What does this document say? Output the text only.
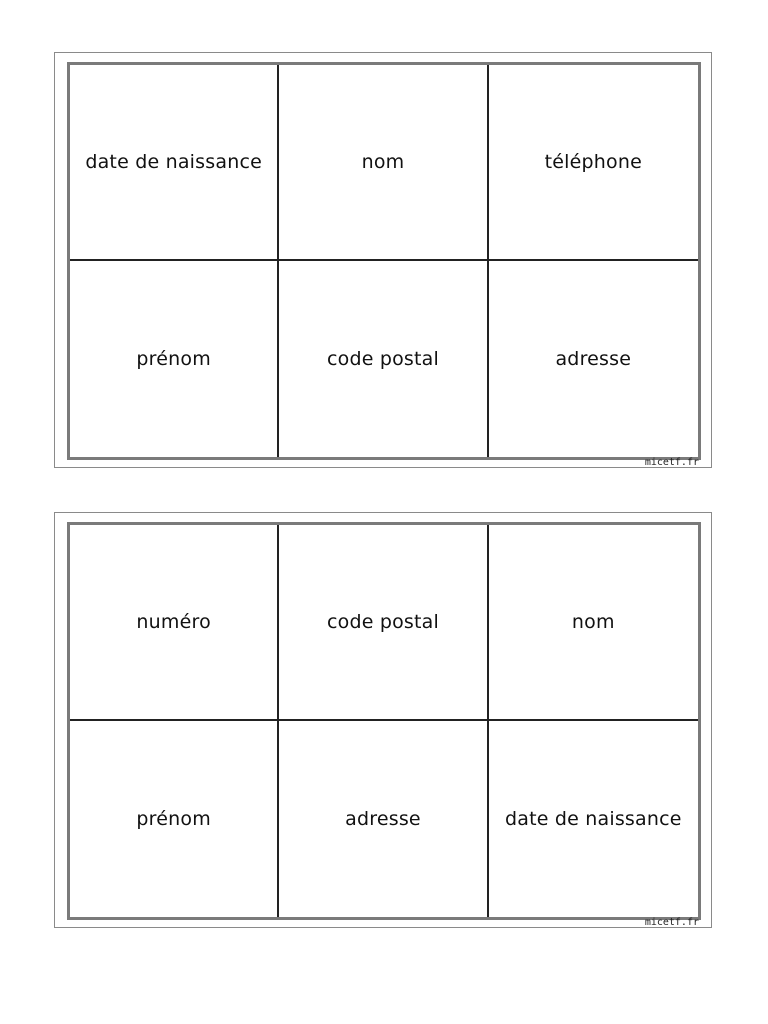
date de naissance	nom	téléphone
prénom	code postal	adresse
micetf.fr
numéro	code postal	nom
prénom	adresse	date de naissance
micetf.fr
